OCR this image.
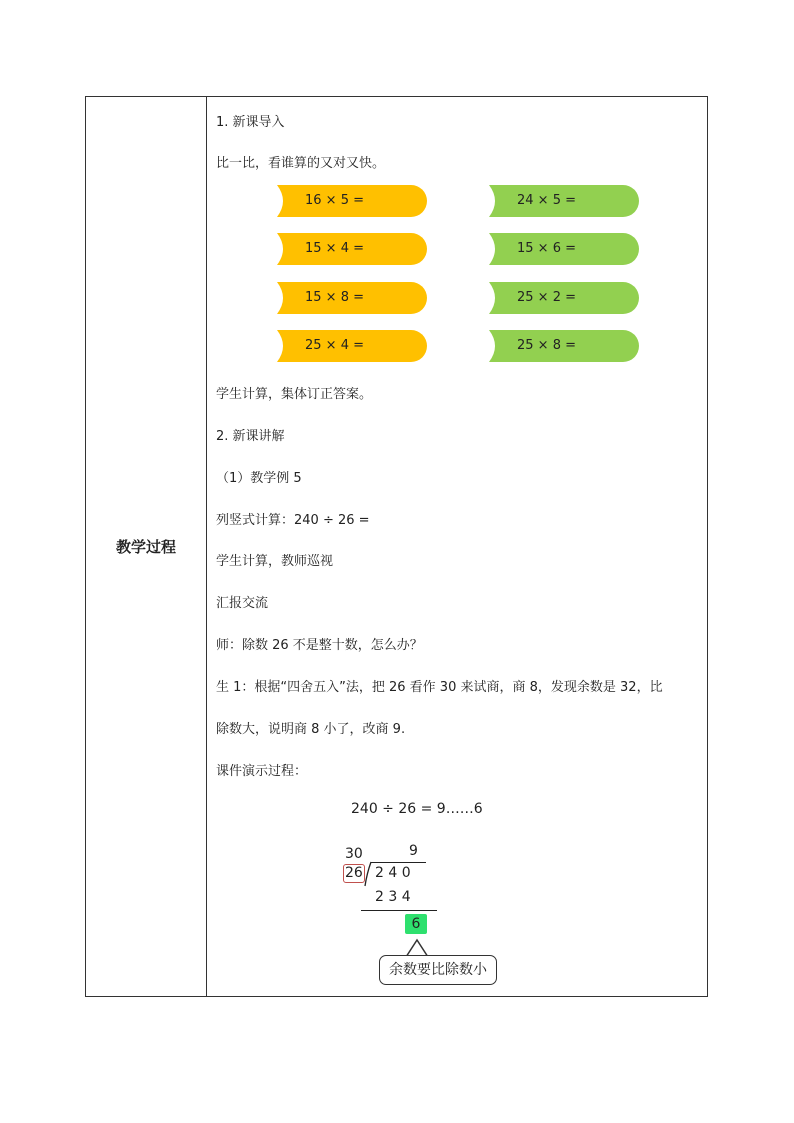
教学过程
1. 新课导入
比一比，看谁算的又对又快。
16 × 5 =
15 × 4 =
15 × 8 =
25 × 4 =
24 × 5 =
15 × 6 =
25 × 2 =
25 × 8 =
学生计算，集体订正答案。
2. 新课讲解
（1）教学例 5
列竖式计算：240 ÷ 26 =
学生计算，教师巡视
汇报交流
师：除数 26 不是整十数，怎么办？
生 1：根据“四舍五入”法，把 26 看作 30 来试商，商 8，发现余数是 32，比
除数大，说明商 8 小了，改商 9.
课件演示过程：
240 ÷ 26 = 9……6
30	9
26 2 4 0
2 3 4
6
余数要比除数小
